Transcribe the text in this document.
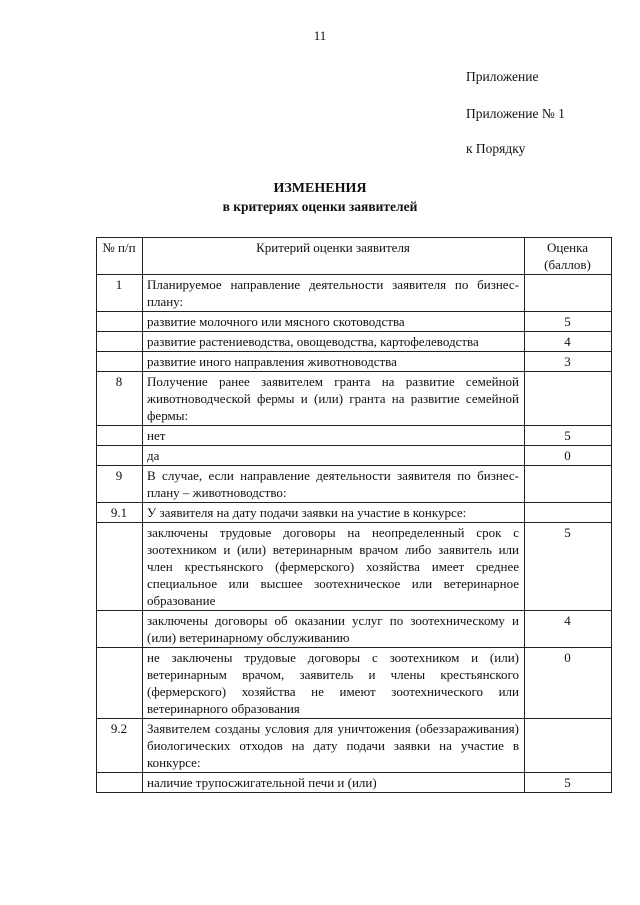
11
Приложение
Приложение № 1
к Порядку
ИЗМЕНЕНИЯ
в критериях оценки заявителей
№ п/п	Критерий оценки заявителя	Оценка (баллов)
1	Планируемое направление деятельности заявителя по бизнес-плану:	
	развитие молочного или мясного скотоводства	5
	развитие растениеводства, овощеводства, картофелеводства	4
	развитие иного направления животноводства	3
8	Получение ранее заявителем гранта на развитие семейной животноводческой фермы и (или) гранта на развитие семейной фермы:	
	нет	5
	да	0
9	В случае, если направление деятельности заявителя по бизнес-плану – животноводство:	
9.1	У заявителя на дату подачи заявки на участие в конкурсе:	
	заключены трудовые договоры на неопределенный срок с зоотехником и (или) ветеринарным врачом либо заявитель или член крестьянского (фермерского) хозяйства имеет среднее специальное или высшее зоотехническое или ветеринарное образование	5
	заключены договоры об оказании услуг по зоотехническому и (или) ветеринарному обслуживанию	4
	не заключены трудовые договоры с зоотехником и (или) ветеринарным врачом, заявитель и члены крестьянского (фермерского) хозяйства не имеют зоотехнического или ветеринарного образования	0
9.2	Заявителем созданы условия для уничтожения (обеззараживания) биологических отходов на дату подачи заявки на участие в конкурсе:	
	наличие трупосжигательной печи и (или)	5
